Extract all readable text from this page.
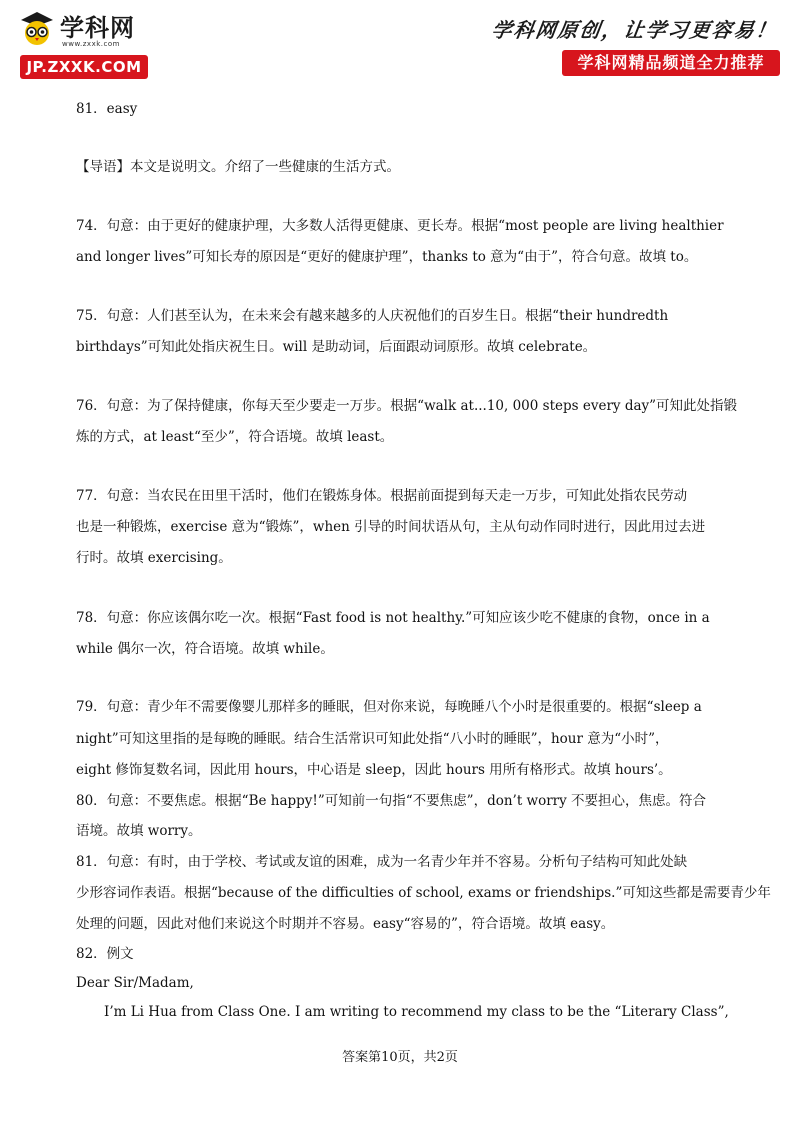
学科网
www.zxxk.com
JP.ZXXK.COM
学科网原创，让学习更容易！
学科网精品频道全力推荐
81．easy
【导语】本文是说明文。介绍了一些健康的生活方式。
74．句意：由于更好的健康护理，大多数人活得更健康、更长寿。根据“most people are living healthier
and longer lives”可知长寿的原因是“更好的健康护理”，thanks to 意为“由于”，符合句意。故填 to。
75．句意：人们甚至认为，在未来会有越来越多的人庆祝他们的百岁生日。根据“their hundredth
birthdays”可知此处指庆祝生日。will 是助动词，后面跟动词原形。故填 celebrate。
76．句意：为了保持健康，你每天至少要走一万步。根据“walk at...10, 000 steps every day”可知此处指锻
炼的方式，at least“至少”，符合语境。故填 least。
77．句意：当农民在田里干活时，他们在锻炼身体。根据前面提到每天走一万步，可知此处指农民劳动
也是一种锻炼，exercise 意为“锻炼”，when 引导的时间状语从句，主从句动作同时进行，因此用过去进
行时。故填 exercising。
78．句意：你应该偶尔吃一次。根据“Fast food is not healthy.”可知应该少吃不健康的食物，once in a
while 偶尔一次，符合语境。故填 while。
79．句意：青少年不需要像婴儿那样多的睡眠，但对你来说，每晚睡八个小时是很重要的。根据“sleep a
night”可知这里指的是每晚的睡眠。结合生活常识可知此处指“八小时的睡眠”，hour 意为“小时”，
eight 修饰复数名词，因此用 hours，中心语是 sleep，因此 hours 用所有格形式。故填 hours’。
80．句意：不要焦虑。根据“Be happy!”可知前一句指“不要焦虑”，don’t worry 不要担心，焦虑。符合
语境。故填 worry。
81．句意：有时，由于学校、考试或友谊的困难，成为一名青少年并不容易。分析句子结构可知此处缺
少形容词作表语。根据“because of the difficulties of school, exams or friendships.”可知这些都是需要青少年
处理的问题，因此对他们来说这个时期并不容易。easy“容易的”，符合语境。故填 easy。
82．例文
Dear Sir/Madam,
I’m Li Hua from Class One. I am writing to recommend my class to be the “Literary Class”,
答案第10页，共2页
